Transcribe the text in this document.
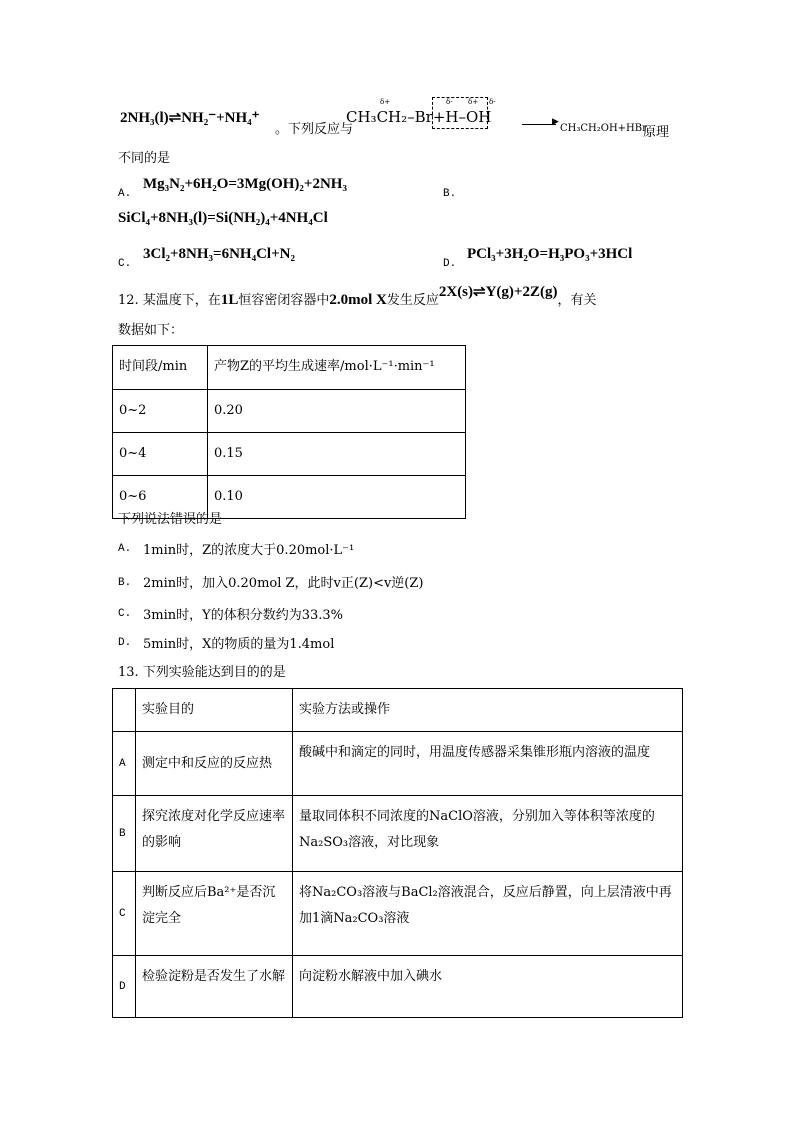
2NH₃(l)⇌NH₂⁻+NH₄⁺
。下列反应与
CH₃CH₂–Br+H–OH
δ+	δ- δ+ δ-
▶
CH₃CH₂OH+HBr
原理
不同的是
A.
Mg₃N₂+6H₂O=3Mg(OH)₂+2NH₃
B.
SiCl₄+8NH₃(l)=Si(NH₂)₄+4NH₄Cl
C.
3Cl₂+8NH₃=6NH₄Cl+N₂
D.
PCl₃+3H₂O=H₃PO₃+3HCl
12. 某温度下，在1L恒容密闭容器中2.0mol X发生反应2X(s)⇌Y(g)+2Z(g)，有关
数据如下：
时间段/min	产物Z的平均生成速率/mol·L⁻¹·min⁻¹
0~2	0.20
0~4	0.15
0~6	0.10
下列说法错误的是
A. 1min时，Z的浓度大于0.20mol·L⁻¹
B. 2min时，加入0.20mol Z，此时v正(Z)<v逆(Z)
C. 3min时，Y的体积分数约为33.3%
D. 5min时，X的物质的量为1.4mol
13. 下列实验能达到目的的是
	实验目的	实验方法或操作
A	测定中和反应的反应热	酸碱中和滴定的同时，用温度传感器采集锥形瓶内溶液的温度
B	探究浓度对化学反应速率的影响	量取同体积不同浓度的NaClO溶液，分别加入等体积等浓度的Na₂SO₃溶液，对比现象
C	判断反应后Ba²⁺是否沉淀完全	将Na₂CO₃溶液与BaCl₂溶液混合，反应后静置，向上层清液中再加1滴Na₂CO₃溶液
D	检验淀粉是否发生了水解	向淀粉水解液中加入碘水
